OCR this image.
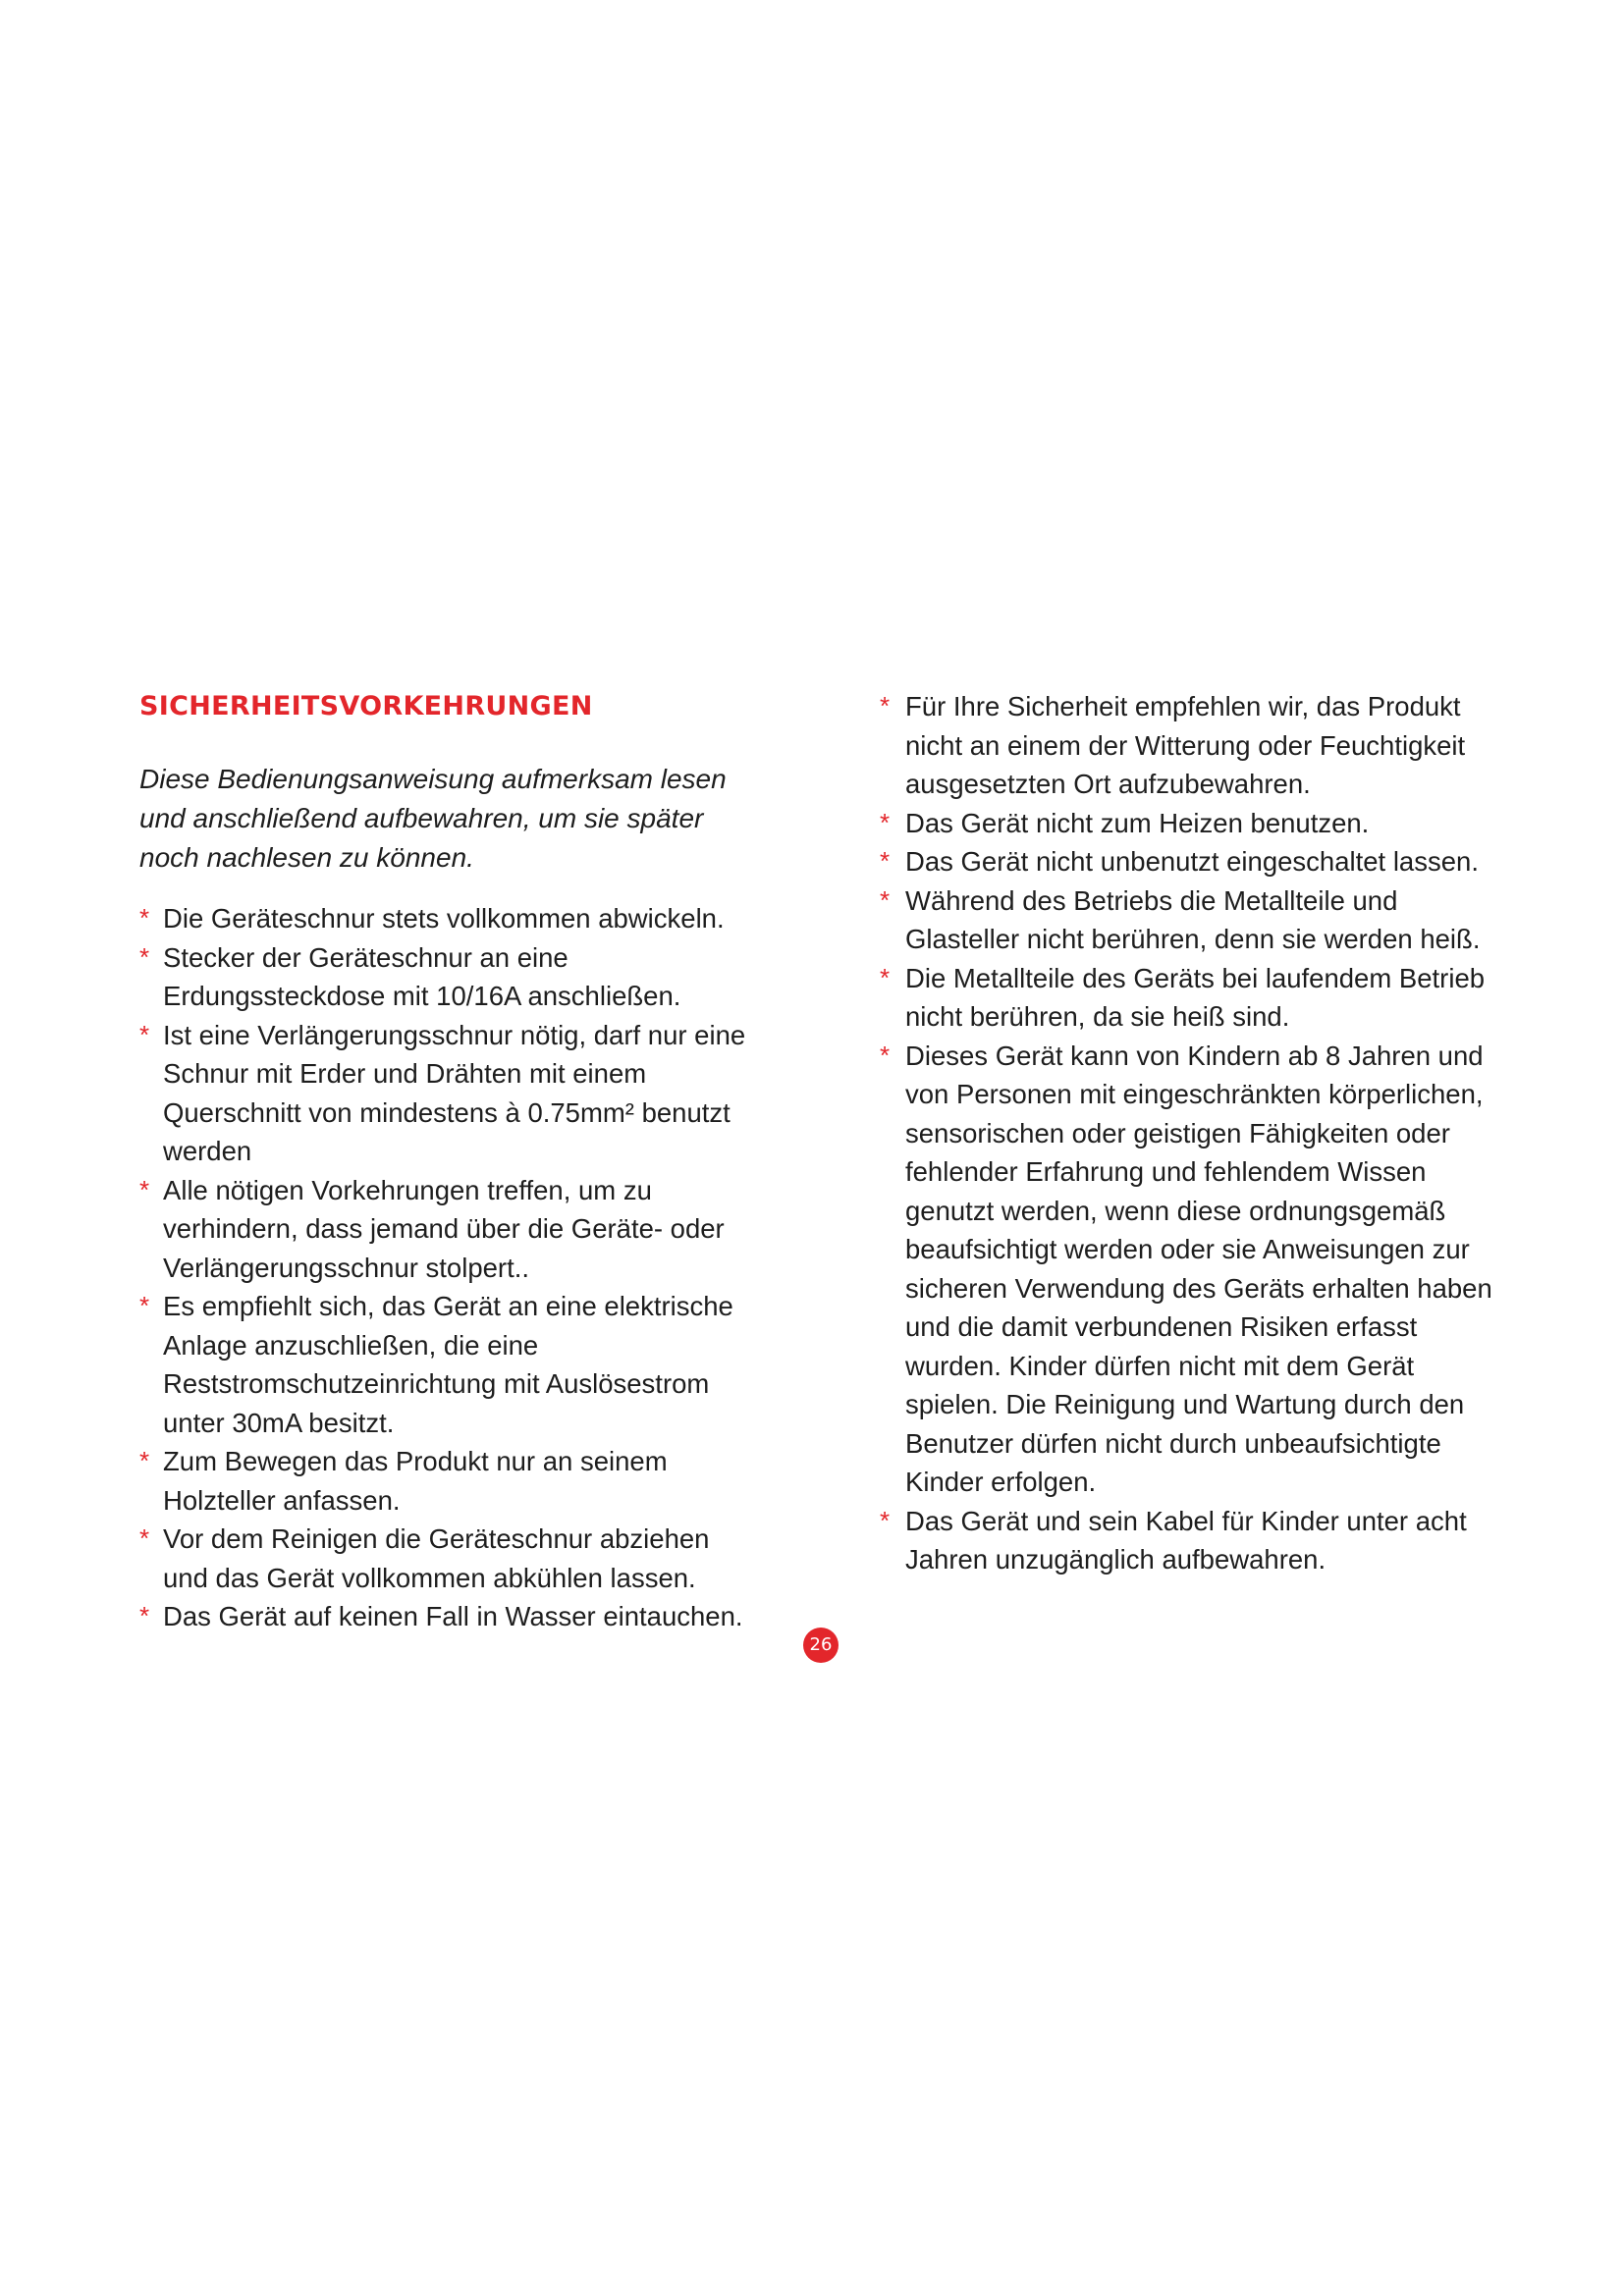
SICHERHEITSVORKEHRUNGEN

Diese Bedienungsanweisung aufmerksam lesen und anschließend aufbewahren, um sie später noch nachlesen zu können.

* Die Geräteschnur stets vollkommen abwickeln.
* Stecker der Geräteschnur an eine Erdungssteckdose mit 10/16A anschließen.
* Ist eine Verlängerungsschnur nötig, darf nur eine Schnur mit Erder und Drähten mit einem Querschnitt von mindestens à 0.75mm² benutzt werden
* Alle nötigen Vorkehrungen treffen, um zu verhindern, dass jemand über die Geräte- oder Verlängerungsschnur stolpert..
* Es empfiehlt sich, das Gerät an eine elektrische Anlage anzuschließen, die eine Reststromschutzeinrichtung mit Auslösestrom unter 30mA besitzt.
* Zum Bewegen das Produkt nur an seinem Holzteller anfassen.
* Vor dem Reinigen die Geräteschnur abziehen und das Gerät vollkommen abkühlen lassen.
* Das Gerät auf keinen Fall in Wasser eintauchen.
* Für Ihre Sicherheit empfehlen wir, das Produkt nicht an einem der Witterung oder Feuchtigkeit ausgesetzten Ort aufzubewahren.
* Das Gerät nicht zum Heizen benutzen.
* Das Gerät nicht unbenutzt eingeschaltet lassen.
* Während des Betriebs die Metallteile und Glasteller nicht berühren, denn sie werden heiß.
* Die Metallteile des Geräts bei laufendem Betrieb nicht berühren, da sie heiß sind.
* Dieses Gerät kann von Kindern ab 8 Jahren und von Personen mit eingeschränkten körperlichen, sensorischen oder geistigen Fähigkeiten oder fehlender Erfahrung und fehlendem Wissen genutzt werden, wenn diese ordnungsgemäß beaufsichtigt werden oder sie Anweisungen zur sicheren Verwendung des Geräts erhalten haben und die damit verbundenen Risiken erfasst wurden. Kinder dürfen nicht mit dem Gerät spielen. Die Reinigung und Wartung durch den Benutzer dürfen nicht durch unbeaufsichtigte Kinder erfolgen.
* Das Gerät und sein Kabel für Kinder unter acht Jahren unzugänglich aufbewahren.
26
